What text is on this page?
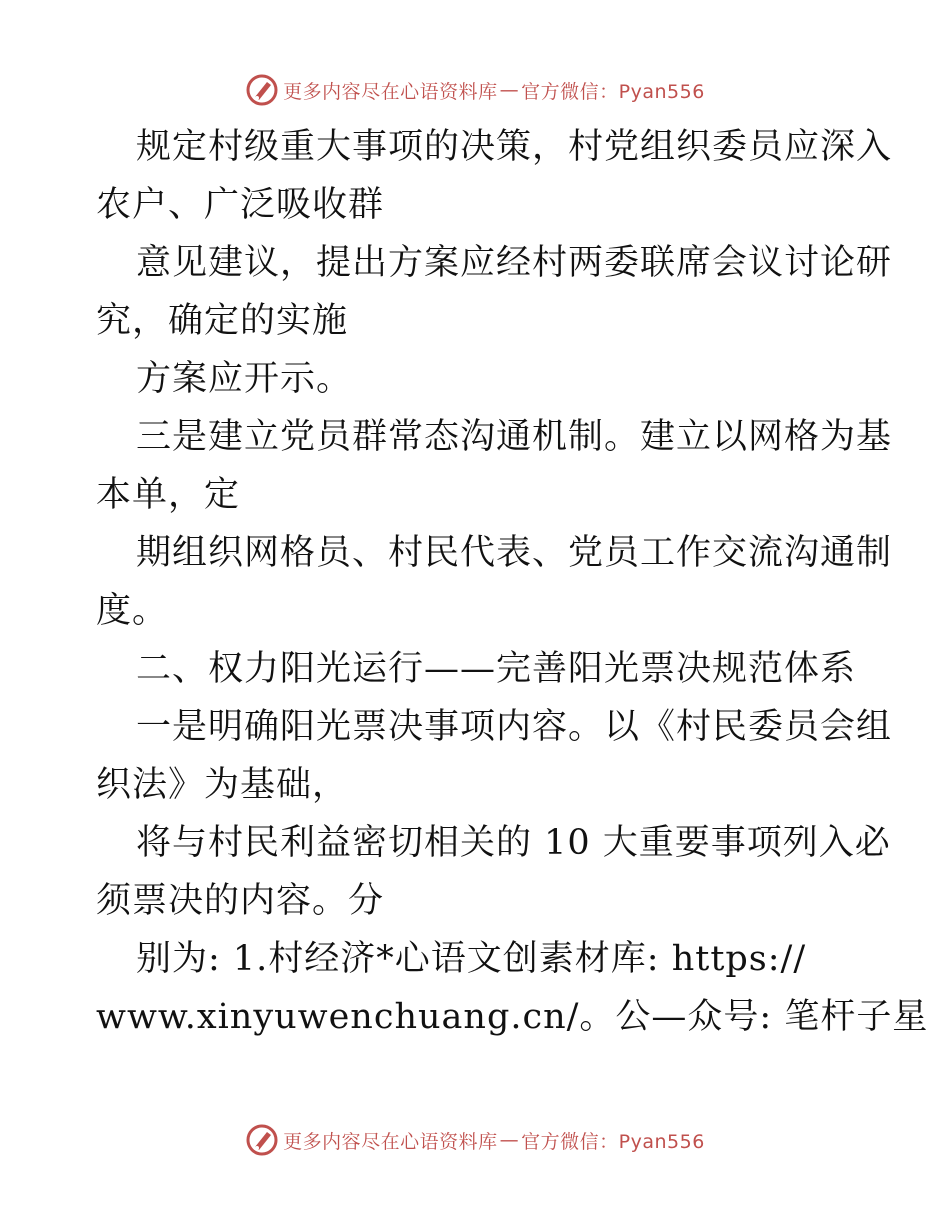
更多内容尽在心语资料库 — 官方微信：Pyan556
规定村级重大事项的决策，村党组织委员应深入
农户、广泛吸收群
意见建议，提出方案应经村两委联席会议讨论研
究，确定的实施
方案应开示。
三是建立党员群常态沟通机制。建立以网格为基
本单，定
期组织网格员、村民代表、党员工作交流沟通制
度。
二、权力阳光运行——完善阳光票决规范体系
一是明确阳光票决事项内容。以《村民委员会组
织法》为基础，
将与村民利益密切相关的 10 大重要事项列入必
须票决的内容。分
别为: 1.村经济*心语文创素材库: https://
www.xinyuwenchuang.cn/。公—众号: 笔杆子星
更多内容尽在心语资料库 — 官方微信：Pyan556
